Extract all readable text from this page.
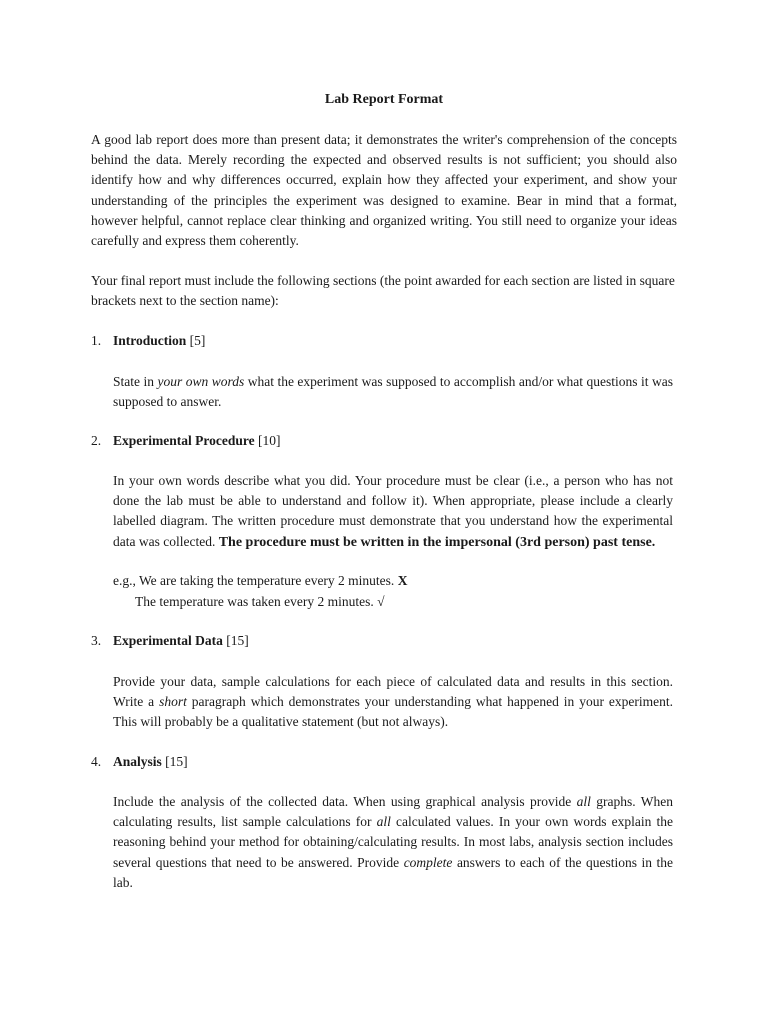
Lab Report Format

A good lab report does more than present data; it demonstrates the writer's comprehension of the concepts behind the data. Merely recording the expected and observed results is not sufficient; you should also identify how and why differences occurred, explain how they affected your experiment, and show your understanding of the principles the experiment was designed to examine. Bear in mind that a format, however helpful, cannot replace clear thinking and organized writing. You still need to organize your ideas carefully and express them coherently.

Your final report must include the following sections (the point awarded for each section are listed in square brackets next to the section name):

1. Introduction [5]

State in your own words what the experiment was supposed to accomplish and/or what questions it was supposed to answer.

2. Experimental Procedure [10]

In your own words describe what you did. Your procedure must be clear (i.e., a person who has not done the lab must be able to understand and follow it). When appropriate, please include a clearly labelled diagram. The written procedure must demonstrate that you understand how the experimental data was collected. The procedure must be written in the impersonal (3rd person) past tense.

e.g., We are taking the temperature every 2 minutes. X

The temperature was taken every 2 minutes. √

3. Experimental Data [15]

Provide your data, sample calculations for each piece of calculated data and results in this section. Write a short paragraph which demonstrates your understanding what happened in your experiment. This will probably be a qualitative statement (but not always).

4. Analysis [15]

Include the analysis of the collected data. When using graphical analysis provide all graphs. When calculating results, list sample calculations for all calculated values. In your own words explain the reasoning behind your method for obtaining/calculating results. In most labs, analysis section includes several questions that need to be answered. Provide complete answers to each of the questions in the lab.
